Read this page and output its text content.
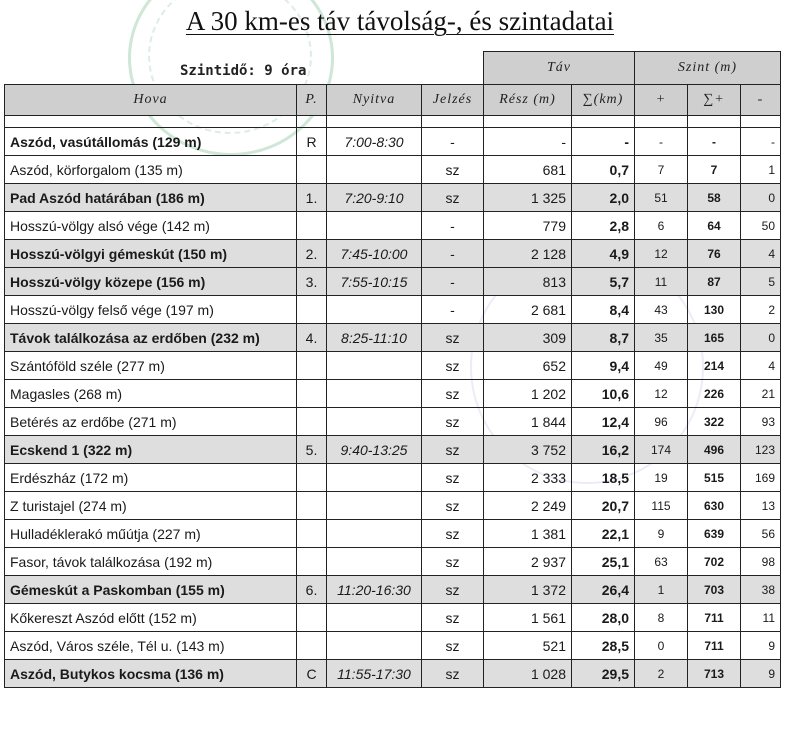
A 30 km-es táv távolság-, és szintadatai
Szintidő: 9 óra
				Táv		Szint (m)		
Hova	P.	Nyitva	Jelzés	Rész (m)	∑(km)	+	∑+	-

Aszód, vasútállomás (129 m)	R	7:00-8:30	-	-	-	-	-	-
Aszód, körforgalom (135 m)			sz	681	0,7	7	7	1
Pad Aszód határában (186 m)	1.	7:20-9:10	sz	1 325	2,0	51	58	0
Hosszú-völgy alsó vége (142 m)			-	779	2,8	6	64	50
Hosszú-völgyi gémeskút (150 m)	2.	7:45-10:00	-	2 128	4,9	12	76	4
Hosszú-völgy közepe (156 m)	3.	7:55-10:15	-	813	5,7	11	87	5
Hosszú-völgy felső vége (197 m)			-	2 681	8,4	43	130	2
Távok találkozása az erdőben (232 m)	4.	8:25-11:10	sz	309	8,7	35	165	0
Szántóföld széle (277 m)			sz	652	9,4	49	214	4
Magasles (268 m)			sz	1 202	10,6	12	226	21
Betérés az erdőbe (271 m)			sz	1 844	12,4	96	322	93
Ecskend 1 (322 m)	5.	9:40-13:25	sz	3 752	16,2	174	496	123
Erdészház (172 m)			sz	2 333	18,5	19	515	169
Z turistajel (274 m)			sz	2 249	20,7	115	630	13
Hulladéklerakó műútja (227 m)			sz	1 381	22,1	9	639	56
Fasor, távok találkozása (192 m)			sz	2 937	25,1	63	702	98
Gémeskút a Paskomban (155 m)	6.	11:20-16:30	sz	1 372	26,4	1	703	38
Kőkereszt Aszód előtt (152 m)			sz	1 561	28,0	8	711	11
Aszód, Város széle, Tél u. (143 m)			sz	521	28,5	0	711	9
Aszód, Butykos kocsma (136 m)	C	11:55-17:30	sz	1 028	29,5	2	713	9
